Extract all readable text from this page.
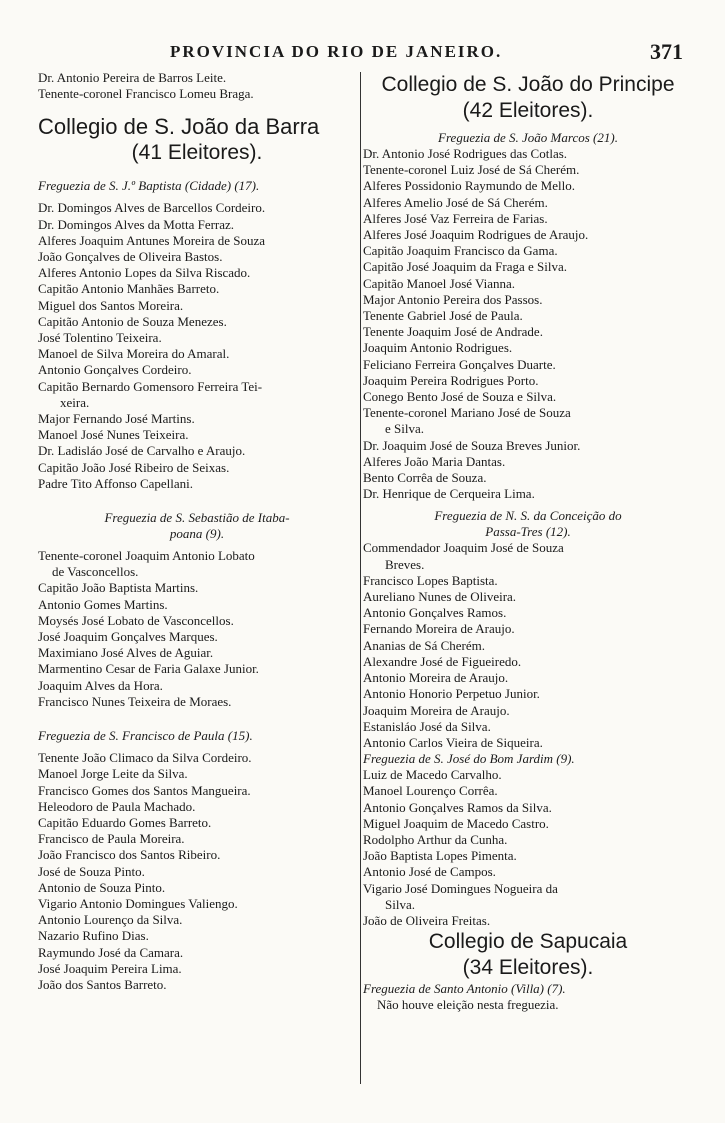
PROVINCIA DO RIO DE JANEIRO.	371
Dr. Antonio Pereira de Barros Leite.
Tenente-coronel Francisco Lomeu Braga.
Collegio de S. João da Barra
(41 Eleitores).
Freguezia de S. J.º Baptista (Cidade) (17).
Dr. Domingos Alves de Barcellos Cordeiro.
Dr. Domingos Alves da Motta Ferraz.
Alferes Joaquim Antunes Moreira de Souza
João Gonçalves de Oliveira Bastos.
Alferes Antonio Lopes da Silva Riscado.
Capitão Antonio Manhães Barreto.
Miguel dos Santos Moreira.
Capitão Antonio de Souza Menezes.
José Tolentino Teixeira.
Manoel de Silva Moreira do Amaral.
Antonio Gonçalves Cordeiro.
Capitão Bernardo Gomensoro Ferreira Tei-
xeira.
Major Fernando José Martins.
Manoel José Nunes Teixeira.
Dr. Ladisláo José de Carvalho e Araujo.
Capitão João José Ribeiro de Seixas.
Padre Tito Affonso Capellani.
Freguezia de S. Sebastião de Itaba-
poana (9).
Tenente-coronel Joaquim Antonio Lobato
de Vasconcellos.
Capitão João Baptista Martins.
Antonio Gomes Martins.
Moysés José Lobato de Vasconcellos.
José Joaquim Gonçalves Marques.
Maximiano José Alves de Aguiar.
Marmentino Cesar de Faria Galaxe Junior.
Joaquim Alves da Hora.
Francisco Nunes Teixeira de Moraes.
Freguezia de S. Francisco de Paula (15).
Tenente João Climaco da Silva Cordeiro.
Manoel Jorge Leite da Silva.
Francisco Gomes dos Santos Mangueira.
Heleodoro de Paula Machado.
Capitão Eduardo Gomes Barreto.
Francisco de Paula Moreira.
João Francisco dos Santos Ribeiro.
José de Souza Pinto.
Antonio de Souza Pinto.
Vigario Antonio Domingues Valiengo.
Antonio Lourenço da Silva.
Nazario Rufino Dias.
Raymundo José da Camara.
José Joaquim Pereira Lima.
João dos Santos Barreto.
Collegio de S. João do Principe
(42 Eleitores).
Freguezia de S. João Marcos (21).
Dr. Antonio José Rodrigues das Cotlas.
Tenente-coronel Luiz José de Sá Cherém.
Alferes Possidonio Raymundo de Mello.
Alferes Amelio José de Sá Cherém.
Alferes José Vaz Ferreira de Farias.
Alferes José Joaquim Rodrigues de Araujo.
Capitão Joaquim Francisco da Gama.
Capitão José Joaquim da Fraga e Silva.
Capitão Manoel José Vianna.
Major Antonio Pereira dos Passos.
Tenente Gabriel José de Paula.
Tenente Joaquim José de Andrade.
Joaquim Antonio Rodrigues.
Feliciano Ferreira Gonçalves Duarte.
Joaquim Pereira Rodrigues Porto.
Conego Bento José de Souza e Silva.
Tenente-coronel Mariano José de Souza
e Silva.
Dr. Joaquim José de Souza Breves Junior.
Alferes João Maria Dantas.
Bento Corrêa de Souza.
Dr. Henrique de Cerqueira Lima.
Freguezia de N. S. da Conceição do
Passa-Tres (12).
Commendador Joaquim José de Souza
Breves.
Francisco Lopes Baptista.
Aureliano Nunes de Oliveira.
Antonio Gonçalves Ramos.
Fernando Moreira de Araujo.
Ananias de Sá Cherém.
Alexandre José de Figueiredo.
Antonio Moreira de Araujo.
Antonio Honorio Perpetuo Junior.
Joaquim Moreira de Araujo.
Estanisláo José da Silva.
Antonio Carlos Vieira de Siqueira.
Freguezia de S. José do Bom Jardim (9).
Luiz de Macedo Carvalho.
Manoel Lourenço Corrêa.
Antonio Gonçalves Ramos da Silva.
Miguel Joaquim de Macedo Castro.
Rodolpho Arthur da Cunha.
João Baptista Lopes Pimenta.
Antonio José de Campos.
Vigario José Domingues Nogueira da
Silva.
João de Oliveira Freitas.
Collegio de Sapucaia
(34 Eleitores).
Freguezia de Santo Antonio (Villa) (7).
Não houve eleição nesta freguezia.
